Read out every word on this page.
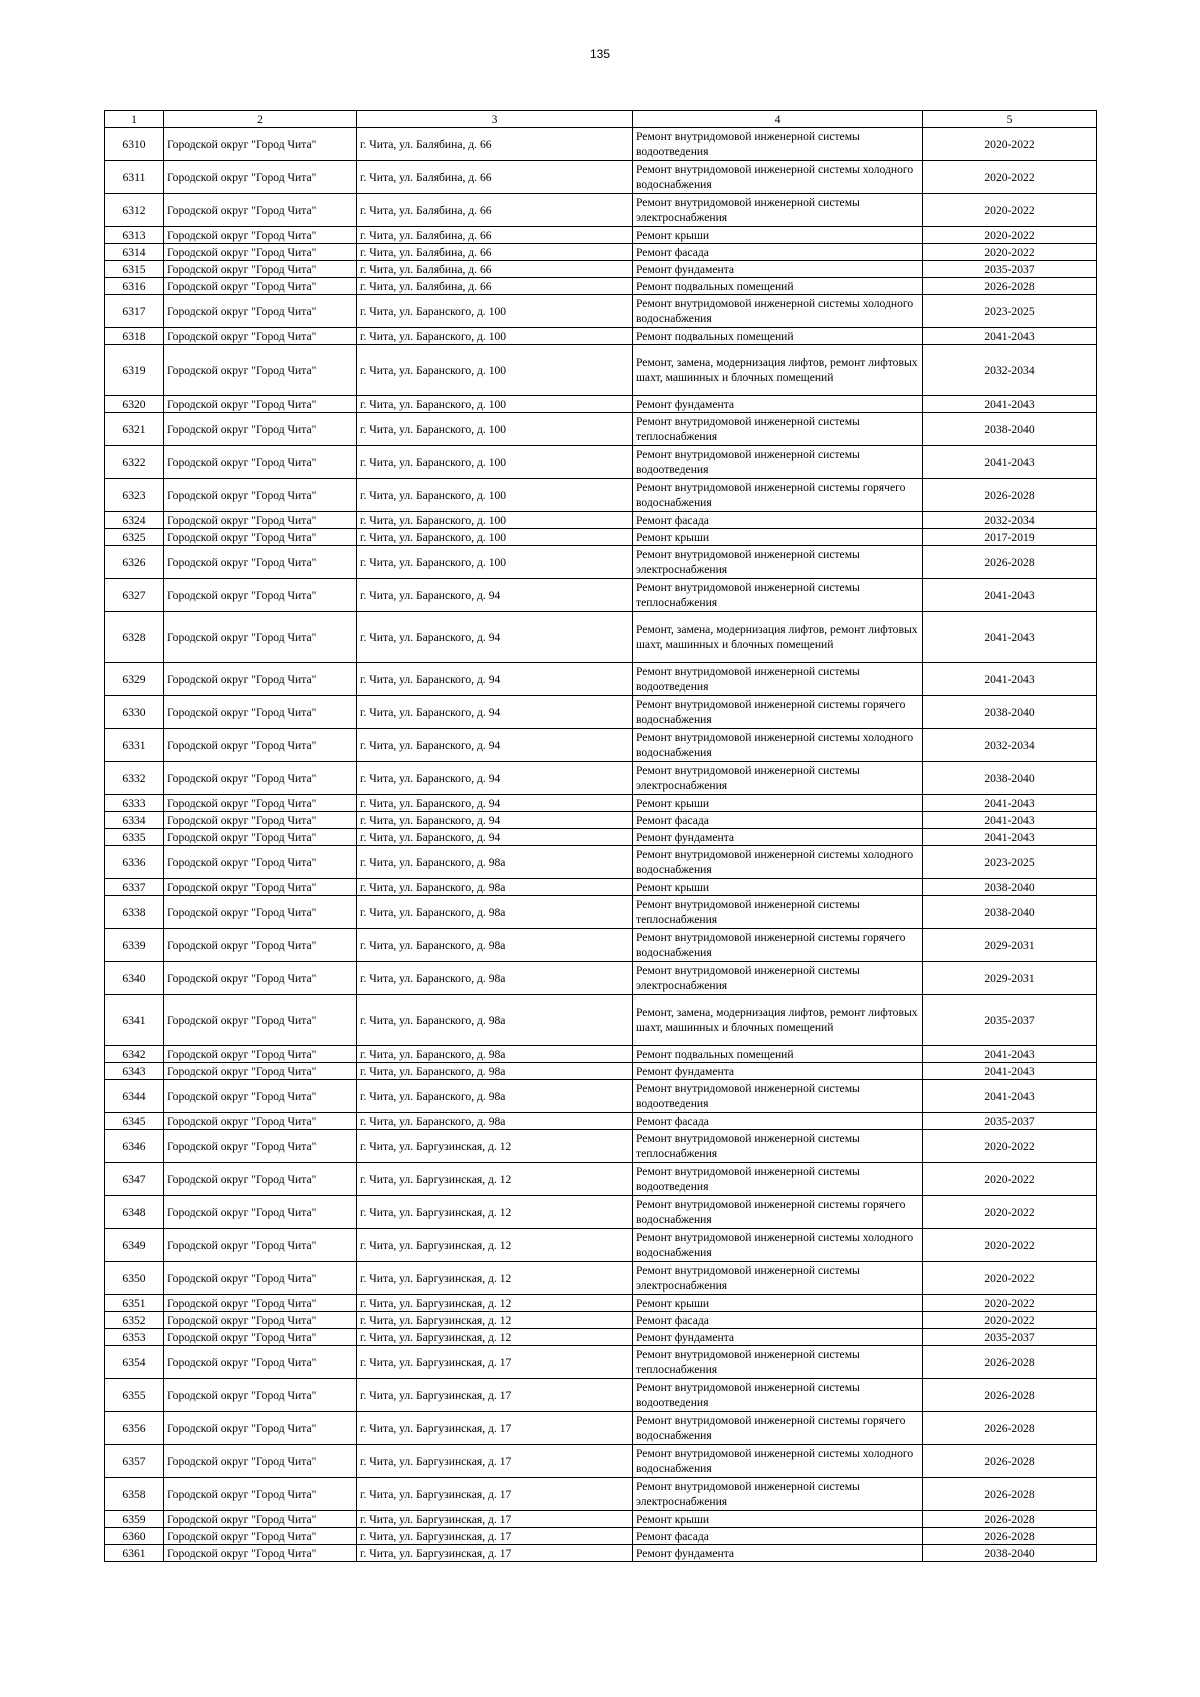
135
1	2	3	4	5
6310	Городской округ "Город Чита"	г. Чита, ул. Балябина, д. 66	Ремонт внутридомовой инженерной системы водоотведения	2020-2022
6311	Городской округ "Город Чита"	г. Чита, ул. Балябина, д. 66	Ремонт внутридомовой инженерной системы холодного водоснабжения	2020-2022
6312	Городской округ "Город Чита"	г. Чита, ул. Балябина, д. 66	Ремонт внутридомовой инженерной системы электроснабжения	2020-2022
6313	Городской округ "Город Чита"	г. Чита, ул. Балябина, д. 66	Ремонт крыши	2020-2022
6314	Городской округ "Город Чита"	г. Чита, ул. Балябина, д. 66	Ремонт фасада	2020-2022
6315	Городской округ "Город Чита"	г. Чита, ул. Балябина, д. 66	Ремонт фундамента	2035-2037
6316	Городской округ "Город Чита"	г. Чита, ул. Балябина, д. 66	Ремонт подвальных помещений	2026-2028
6317	Городской округ "Город Чита"	г. Чита, ул. Баранского, д. 100	Ремонт внутридомовой инженерной системы холодного водоснабжения	2023-2025
6318	Городской округ "Город Чита"	г. Чита, ул. Баранского, д. 100	Ремонт подвальных помещений	2041-2043
6319	Городской округ "Город Чита"	г. Чита, ул. Баранского, д. 100	Ремонт, замена, модернизация лифтов, ремонт лифтовых шахт, машинных и блочных помещений	2032-2034
6320	Городской округ "Город Чита"	г. Чита, ул. Баранского, д. 100	Ремонт фундамента	2041-2043
6321	Городской округ "Город Чита"	г. Чита, ул. Баранского, д. 100	Ремонт внутридомовой инженерной системы теплоснабжения	2038-2040
6322	Городской округ "Город Чита"	г. Чита, ул. Баранского, д. 100	Ремонт внутридомовой инженерной системы водоотведения	2041-2043
6323	Городской округ "Город Чита"	г. Чита, ул. Баранского, д. 100	Ремонт внутридомовой инженерной системы горячего водоснабжения	2026-2028
6324	Городской округ "Город Чита"	г. Чита, ул. Баранского, д. 100	Ремонт фасада	2032-2034
6325	Городской округ "Город Чита"	г. Чита, ул. Баранского, д. 100	Ремонт крыши	2017-2019
6326	Городской округ "Город Чита"	г. Чита, ул. Баранского, д. 100	Ремонт внутридомовой инженерной системы электроснабжения	2026-2028
6327	Городской округ "Город Чита"	г. Чита, ул. Баранского, д. 94	Ремонт внутридомовой инженерной системы теплоснабжения	2041-2043
6328	Городской округ "Город Чита"	г. Чита, ул. Баранского, д. 94	Ремонт, замена, модернизация лифтов, ремонт лифтовых шахт, машинных и блочных помещений	2041-2043
6329	Городской округ "Город Чита"	г. Чита, ул. Баранского, д. 94	Ремонт внутридомовой инженерной системы водоотведения	2041-2043
6330	Городской округ "Город Чита"	г. Чита, ул. Баранского, д. 94	Ремонт внутридомовой инженерной системы горячего водоснабжения	2038-2040
6331	Городской округ "Город Чита"	г. Чита, ул. Баранского, д. 94	Ремонт внутридомовой инженерной системы холодного водоснабжения	2032-2034
6332	Городской округ "Город Чита"	г. Чита, ул. Баранского, д. 94	Ремонт внутридомовой инженерной системы электроснабжения	2038-2040
6333	Городской округ "Город Чита"	г. Чита, ул. Баранского, д. 94	Ремонт крыши	2041-2043
6334	Городской округ "Город Чита"	г. Чита, ул. Баранского, д. 94	Ремонт фасада	2041-2043
6335	Городской округ "Город Чита"	г. Чита, ул. Баранского, д. 94	Ремонт фундамента	2041-2043
6336	Городской округ "Город Чита"	г. Чита, ул. Баранского, д. 98а	Ремонт внутридомовой инженерной системы холодного водоснабжения	2023-2025
6337	Городской округ "Город Чита"	г. Чита, ул. Баранского, д. 98а	Ремонт крыши	2038-2040
6338	Городской округ "Город Чита"	г. Чита, ул. Баранского, д. 98а	Ремонт внутридомовой инженерной системы теплоснабжения	2038-2040
6339	Городской округ "Город Чита"	г. Чита, ул. Баранского, д. 98а	Ремонт внутридомовой инженерной системы горячего водоснабжения	2029-2031
6340	Городской округ "Город Чита"	г. Чита, ул. Баранского, д. 98а	Ремонт внутридомовой инженерной системы электроснабжения	2029-2031
6341	Городской округ "Город Чита"	г. Чита, ул. Баранского, д. 98а	Ремонт, замена, модернизация лифтов, ремонт лифтовых шахт, машинных и блочных помещений	2035-2037
6342	Городской округ "Город Чита"	г. Чита, ул. Баранского, д. 98а	Ремонт подвальных помещений	2041-2043
6343	Городской округ "Город Чита"	г. Чита, ул. Баранского, д. 98а	Ремонт фундамента	2041-2043
6344	Городской округ "Город Чита"	г. Чита, ул. Баранского, д. 98а	Ремонт внутридомовой инженерной системы водоотведения	2041-2043
6345	Городской округ "Город Чита"	г. Чита, ул. Баранского, д. 98а	Ремонт фасада	2035-2037
6346	Городской округ "Город Чита"	г. Чита, ул. Баргузинская, д. 12	Ремонт внутридомовой инженерной системы теплоснабжения	2020-2022
6347	Городской округ "Город Чита"	г. Чита, ул. Баргузинская, д. 12	Ремонт внутридомовой инженерной системы водоотведения	2020-2022
6348	Городской округ "Город Чита"	г. Чита, ул. Баргузинская, д. 12	Ремонт внутридомовой инженерной системы горячего водоснабжения	2020-2022
6349	Городской округ "Город Чита"	г. Чита, ул. Баргузинская, д. 12	Ремонт внутридомовой инженерной системы холодного водоснабжения	2020-2022
6350	Городской округ "Город Чита"	г. Чита, ул. Баргузинская, д. 12	Ремонт внутридомовой инженерной системы электроснабжения	2020-2022
6351	Городской округ "Город Чита"	г. Чита, ул. Баргузинская, д. 12	Ремонт крыши	2020-2022
6352	Городской округ "Город Чита"	г. Чита, ул. Баргузинская, д. 12	Ремонт фасада	2020-2022
6353	Городской округ "Город Чита"	г. Чита, ул. Баргузинская, д. 12	Ремонт фундамента	2035-2037
6354	Городской округ "Город Чита"	г. Чита, ул. Баргузинская, д. 17	Ремонт внутридомовой инженерной системы теплоснабжения	2026-2028
6355	Городской округ "Город Чита"	г. Чита, ул. Баргузинская, д. 17	Ремонт внутридомовой инженерной системы водоотведения	2026-2028
6356	Городской округ "Город Чита"	г. Чита, ул. Баргузинская, д. 17	Ремонт внутридомовой инженерной системы горячего водоснабжения	2026-2028
6357	Городской округ "Город Чита"	г. Чита, ул. Баргузинская, д. 17	Ремонт внутридомовой инженерной системы холодного водоснабжения	2026-2028
6358	Городской округ "Город Чита"	г. Чита, ул. Баргузинская, д. 17	Ремонт внутридомовой инженерной системы электроснабжения	2026-2028
6359	Городской округ "Город Чита"	г. Чита, ул. Баргузинская, д. 17	Ремонт крыши	2026-2028
6360	Городской округ "Город Чита"	г. Чита, ул. Баргузинская, д. 17	Ремонт фасада	2026-2028
6361	Городской округ "Город Чита"	г. Чита, ул. Баргузинская, д. 17	Ремонт фундамента	2038-2040
